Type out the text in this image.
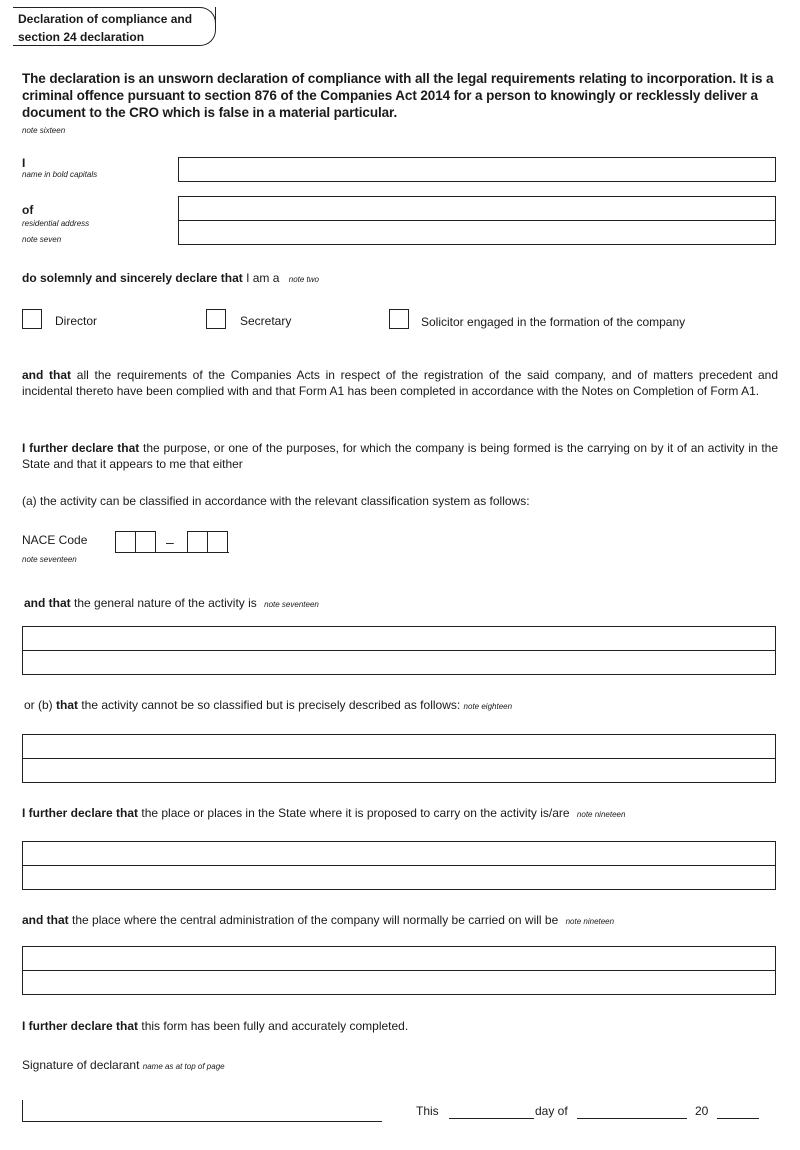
Declaration of compliance and
section 24 declaration
The declaration is an unsworn declaration of compliance with all the legal requirements relating to incorporation. It is a criminal offence pursuant to section 876 of the Companies Act 2014 for a person to knowingly or recklessly deliver a document to the CRO which is false in a material particular.
note sixteen
I
name in bold capitals
of
residential address
note seven
do solemnly and sincerely declare that I am a note two
Director	Secretary	Solicitor engaged in the formation of the company
and that all the requirements of the Companies Acts in respect of the registration of the said company, and of matters precedent and incidental thereto have been complied with and that Form A1 has been completed in accordance with the Notes on Completion of Form A1.
I further declare that the purpose, or one of the purposes, for which the company is being formed is the carrying on by it of an activity in the State and that it appears to me that either
(a) the activity can be classified in accordance with the relevant classification system as follows:
NACE Code
note seventeen
–
and that the general nature of the activity is note seventeen
or (b) that the activity cannot be so classified but is precisely described as follows: note eighteen
I further declare that the place or places in the State where it is proposed to carry on the activity is/are note nineteen
and that the place where the central administration of the company will normally be carried on will be note nineteen
I further declare that this form has been fully and accurately completed.
Signature of declarant name as at top of page
This	day of	20
